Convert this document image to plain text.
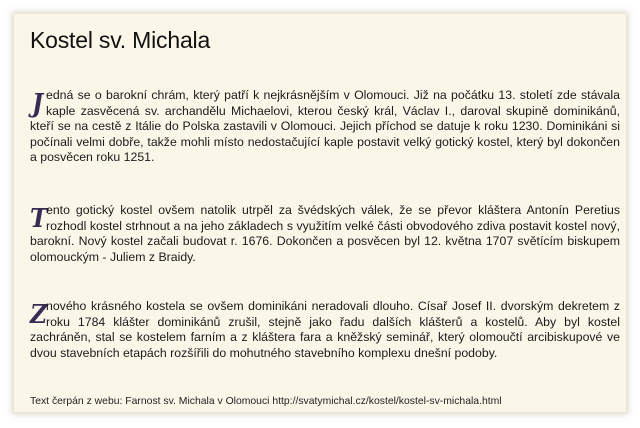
Kostel sv. Michala
J edná se o barokní chrám, který patří k nejkrásnějším v Olomouci. Již na počátku 13. století zde stávala kaple zasvěcená sv. archandělu Michaelovi, kterou český král, Václav I., daroval skupině dominikánů, kteří se na cestě z Itálie do Polska zastavili v Olomouci. Jejich příchod se datuje k roku 1230. Dominikáni si počínali velmi dobře, takže mohli místo nedostačující kaple postavit velký gotický kostel, který byl dokončen a posvěcen roku 1251.
T
ento gotický kostel ovšem natolik utrpěl za švédských válek, že se převor kláštera Antonín Peretius rozhodl kostel strhnout a na jeho základech s využitím velké části obvodového zdiva postavit kostel nový, barokní. Nový kostel začali budovat r. 1676. Dokončen a posvěcen byl 12. května 1707 světícím biskupem olomouckým - Juliem z Braidy.
Z
nového krásného kostela se ovšem dominikáni neradovali dlouho. Císař Josef II. dvorským dekretem z roku 1784 klášter dominikánů zrušil, stejně jako řadu dalších klášterů a kostelů. Aby byl kostel zachráněn, stal se kostelem farním a z kláštera fara a kněžský seminář, který olomoučtí arcibiskupové ve dvou stavebních etapách rozšířili do mohutného stavebního komplexu dnešní podoby.
Text čerpán z webu: Farnost sv. Michala v Olomouci http://svatymichal.cz/kostel/kostel-sv-michala.html
